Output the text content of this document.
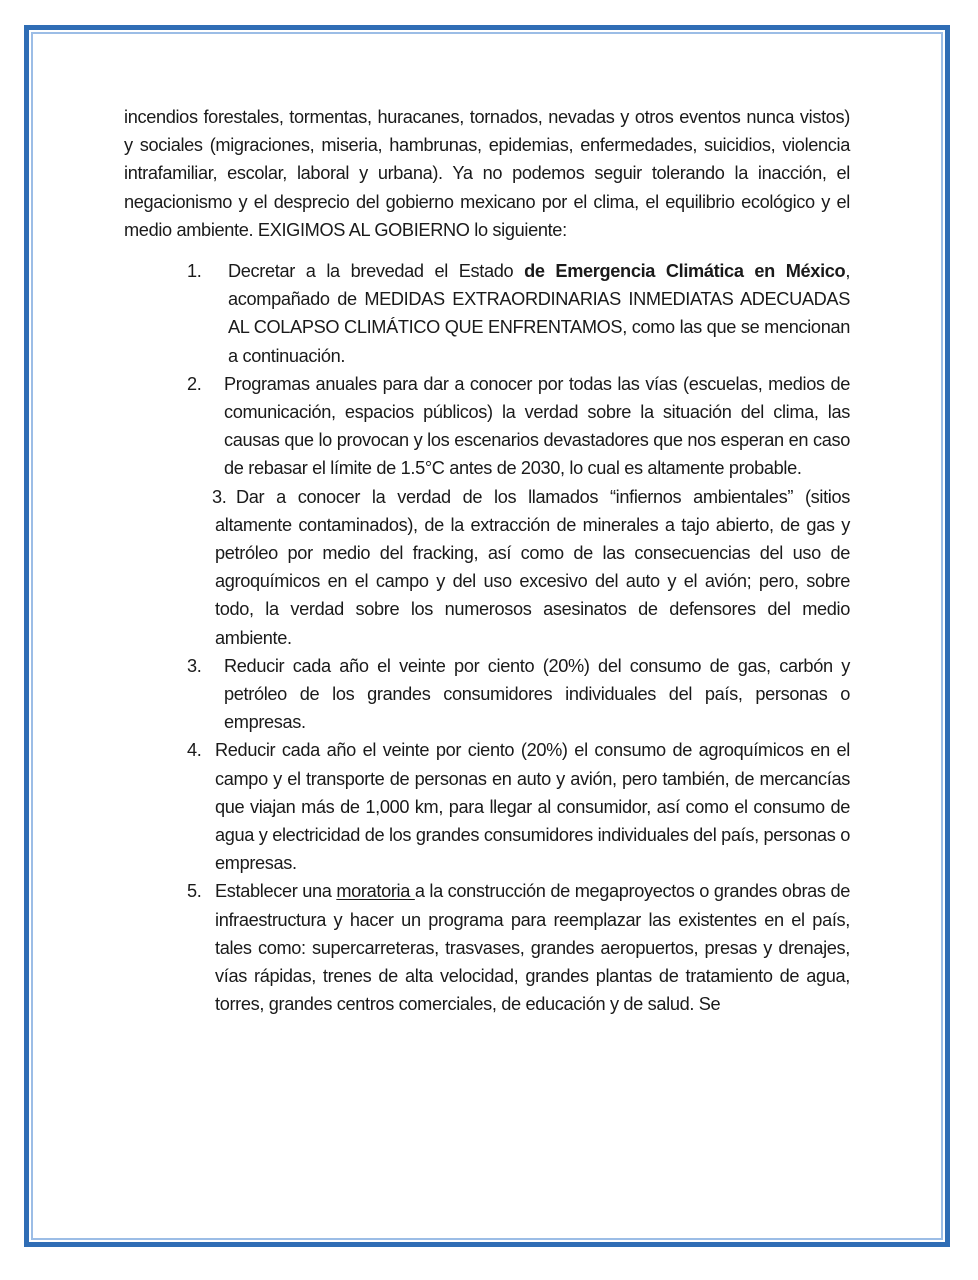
incendios forestales, tormentas, huracanes, tornados, nevadas y otros eventos nunca vistos) y sociales (migraciones, miseria, hambrunas, epidemias, enfermedades, suicidios, violencia intrafamiliar, escolar, laboral y urbana). Ya no podemos seguir tolerando la inacción, el negacionismo y el desprecio del gobierno mexicano por el clima, el equilibrio ecológico y el medio ambiente. EXIGIMOS AL GOBIERNO lo siguiente:

1.	Decretar a la brevedad el Estado de Emergencia Climática en México, acompañado de MEDIDAS EXTRAORDINARIAS INMEDIATAS ADECUADAS AL COLAPSO CLIMÁTICO QUE ENFRENTAMOS, como las que se mencionan a continuación.
2.	Programas anuales para dar a conocer por todas las vías (escuelas, medios de comunicación, espacios públicos) la verdad sobre la situación del clima, las causas que lo provocan y los escenarios devastadores que nos esperan en caso de rebasar el límite de 1.5°C antes de 2030, lo cual es altamente probable.
3. Dar a conocer la verdad de los llamados “infiernos ambientales” (sitios altamente contaminados), de la extracción de minerales a tajo abierto, de gas y petróleo por medio del fracking, así como de las consecuencias del uso de agroquímicos en el campo y del uso excesivo del auto y el avión; pero, sobre todo, la verdad sobre los numerosos asesinatos de defensores del medio ambiente.
3.	Reducir cada año el veinte por ciento (20%) del consumo de gas, carbón y petróleo de los grandes consumidores individuales del país, personas o empresas.
4. Reducir cada año el veinte por ciento (20%) el consumo de agroquímicos en el campo y el transporte de personas en auto y avión, pero también, de mercancías que viajan más de 1,000 km, para llegar al consumidor, así como el consumo de agua y electricidad de los grandes consumidores individuales del país, personas o empresas.
5. Establecer una moratoria a la construcción de megaproyectos o grandes obras de infraestructura y hacer un programa para reemplazar las existentes en el país, tales como: supercarreteras, trasvases, grandes aeropuertos, presas y drenajes, vías rápidas, trenes de alta velocidad, grandes plantas de tratamiento de agua, torres, grandes centros comerciales, de educación y de salud. Se
